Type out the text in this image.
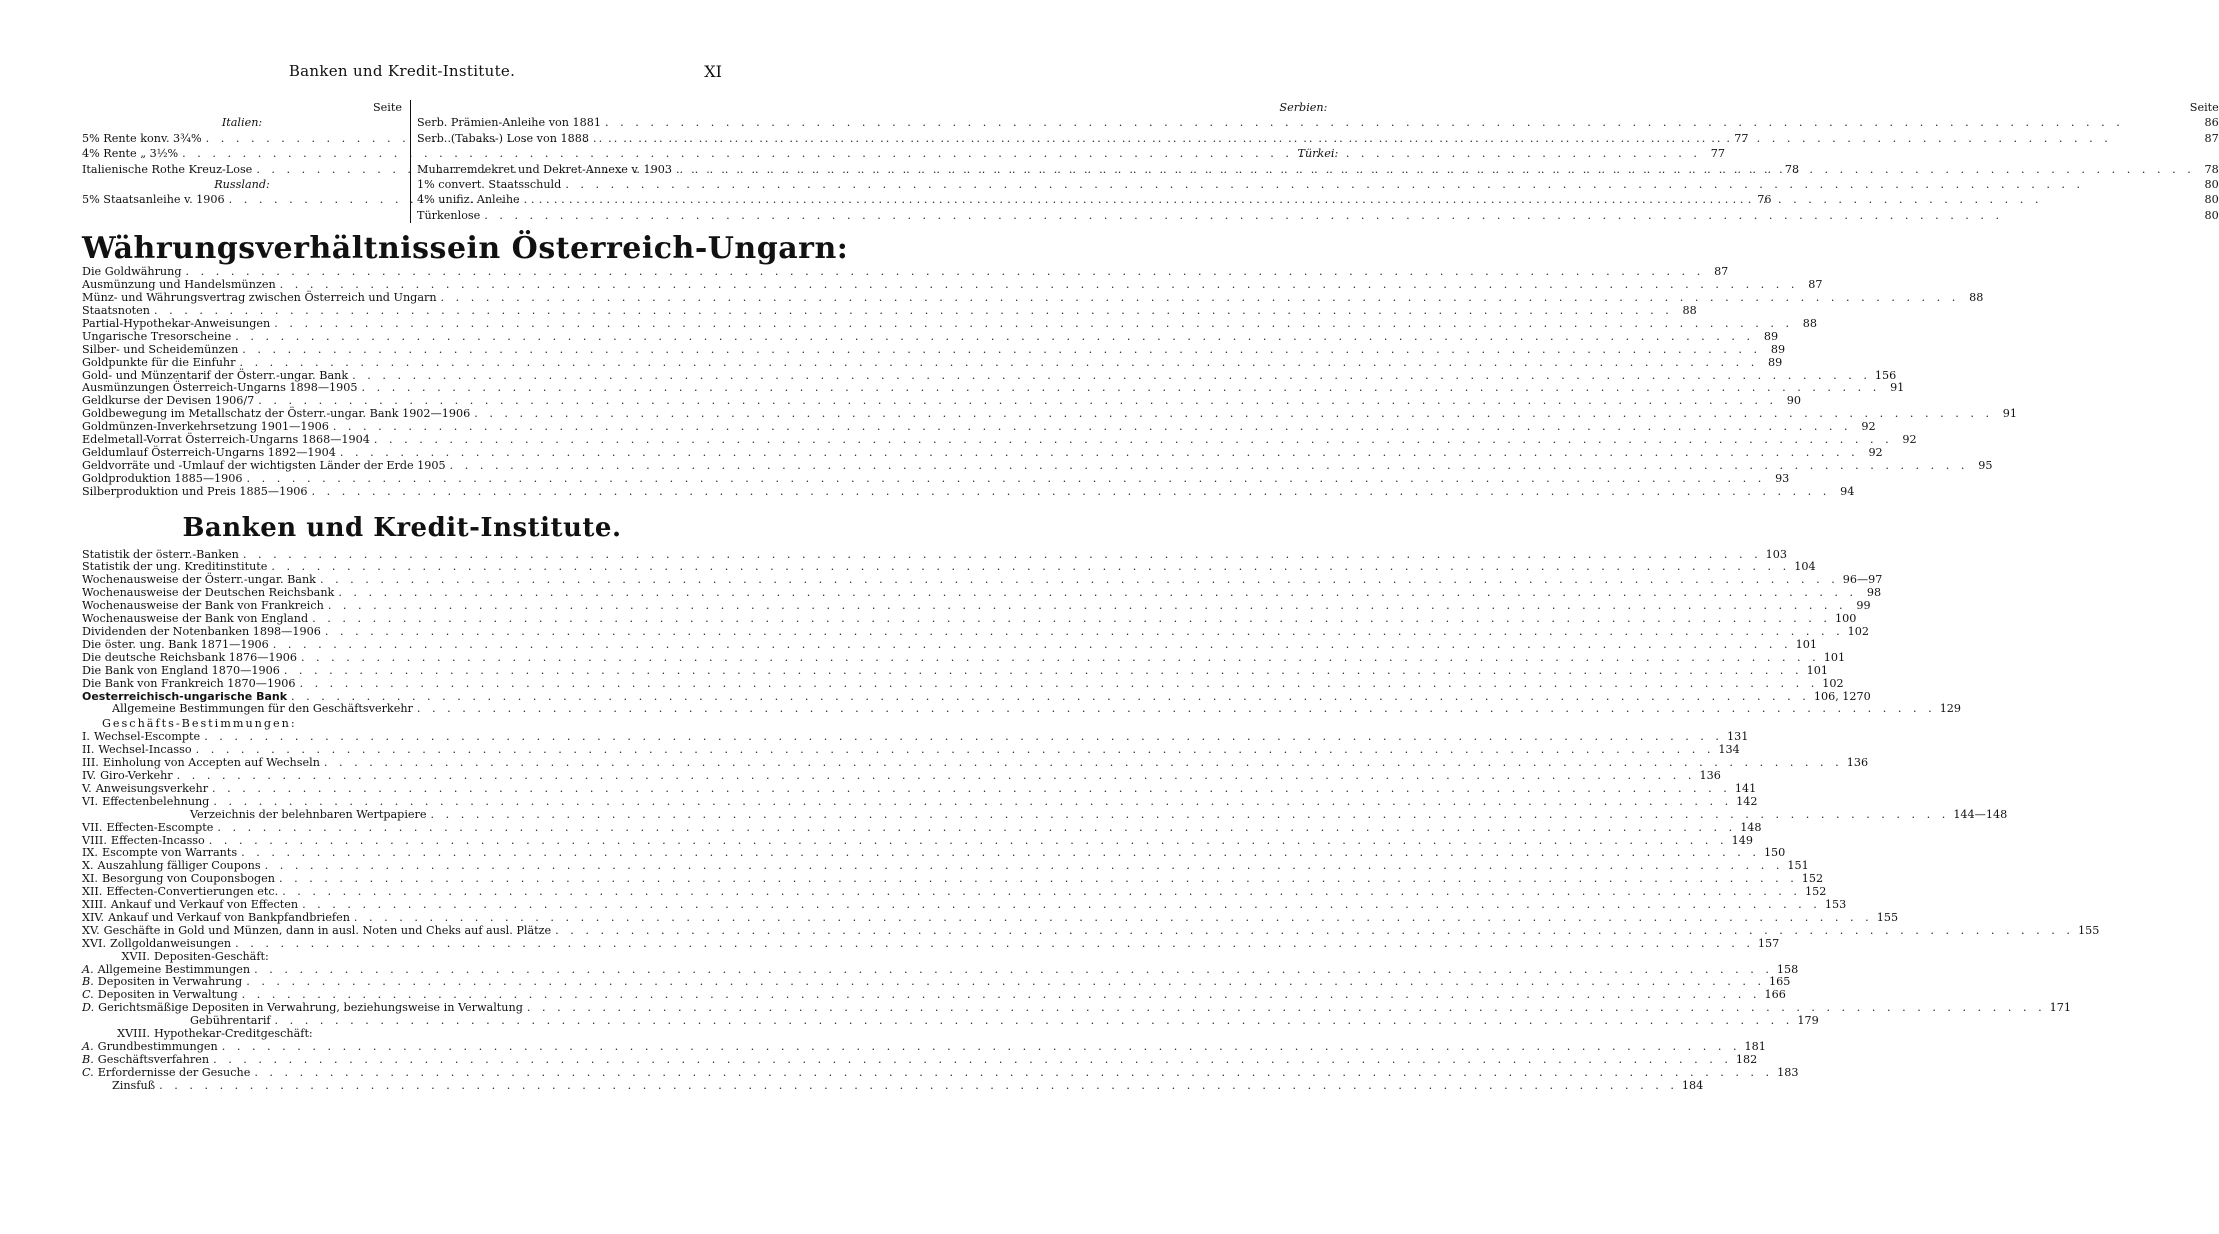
Banken und Kredit-Institute.	XI
Seite
Italien:
5% Rente konv. 3¾% . . .	77
4% Rente „ 3½% . . .	77
Italienische Rothe Kreuz-Lose . . .	78
Russland:
5% Staatsanleihe v. 1906 . . .	76
Serbien:	Seite
Serb. Prämien-Anleihe von 1881 . . .	86
Serb. (Tabaks-) Lose von 1888 . . .	87
Türkei:
Muharremdekret und Dekret-Annexe v. 1903 . . .	78
1% convert. Staatsschuld . . .	80
4% unifiz. Anleihe . . .	80
Türkenlose . . .	80
Währungsverhältnisse in Österreich-Ungarn:
Die Goldwährung . . .	87
Ausmünzung und Handelsmünzen . . .	87
Münz- und Währungsvertrag zwischen Österreich und Ungarn . . .	88
Staatsnoten . . .	88
Partial-Hypothekar-Anweisungen . . .	88
Ungarische Tresorscheine . . .	89
Silber- und Scheidemünzen . . .	89
Goldpunkte für die Einfuhr . . .	89
Gold- und Münzentarif der Österr.-ungar. Bank . . .	156
Ausmünzungen Österreich-Ungarns 1898—1905 . . .	91
Geldkurse der Devisen 1906/7 . . .	90
Goldbewegung im Metallschatz der Österr.-ungar. Bank 1902—1906 . . .	91
Goldmünzen-Inverkehrsetzung 1901—1906 . . .	92
Edelmetall-Vorrat Österreich-Ungarns 1868—1904 . . .	92
Geldumlauf Österreich-Ungarns 1892—1904 . . .	92
Geldvorräte und -Umlauf der wichtigsten Länder der Erde 1905 . . .	95
Goldproduktion 1885—1906 . . .	93
Silberproduktion und Preis 1885—1906 . . .	94
Banken und Kredit-Institute.
Statistik der österr.-Banken . . .	103
Statistik der ung. Kreditinstitute . . .	104
Wochenausweise der Österr.-ungar. Bank . . .	96—97
Wochenausweise der Deutschen Reichsbank . . .	98
Wochenausweise der Bank von Frankreich . . .	99
Wochenausweise der Bank von England . . .	100
Dividenden der Notenbanken 1898—1906 . . .	102
Die öster. ung. Bank 1871—1906 . . .	101
Die deutsche Reichsbank 1876—1906 . . .	101
Die Bank von England 1870—1906 . . .	101
Die Bank von Frankreich 1870—1906 . . .	102
Oesterreichisch-ungarische Bank . . .	106, 1270
Allgemeine Bestimmungen für den Geschäftsverkehr . . .	129
Geschäfts-Bestimmungen:
I. Wechsel-Escompte . . .	131
II. Wechsel-Incasso . . .	134
III. Einholung von Accepten auf Wechseln . . .	136
IV. Giro-Verkehr . . .	136
V. Anweisungsverkehr . . .	141
VI. Effectenbelehnung . . .	142
Verzeichnis der belehnbaren Wertpapiere . . .	144—148
VII. Effecten-Escompte . . .	148
VIII. Effecten-Incasso . . .	149
IX. Escompte von Warrants . . .	150
X. Auszahlung fälliger Coupons . . .	151
XI. Besorgung von Couponsbogen . . .	152
XII. Effecten-Convertierungen etc. . . .	152
XIII. Ankauf und Verkauf von Effecten . . .	153
XIV. Ankauf und Verkauf von Bankpfandbriefen . . .	155
XV. Geschäfte in Gold und Münzen, dann in ausl. Noten und Cheks auf ausl. Plätze . . .	155
XVI. Zollgoldanweisungen . . .	157
XVII. Depositen-Geschäft:
A. Allgemeine Bestimmungen . . .	158
B. Depositen in Verwahrung . . .	165
C. Depositen in Verwaltung . . .	166
D. Gerichtsmäßige Depositen in Verwahrung, beziehungsweise in Verwaltung . . .	171
Gebührentarif . . .	179
XVIII. Hypothekar-Creditgeschäft:
A. Grundbestimmungen . . .	181
B. Geschäftsverfahren . . .	182
C. Erfordernisse der Gesuche . . .	183
Zinsfuß . . .	184
